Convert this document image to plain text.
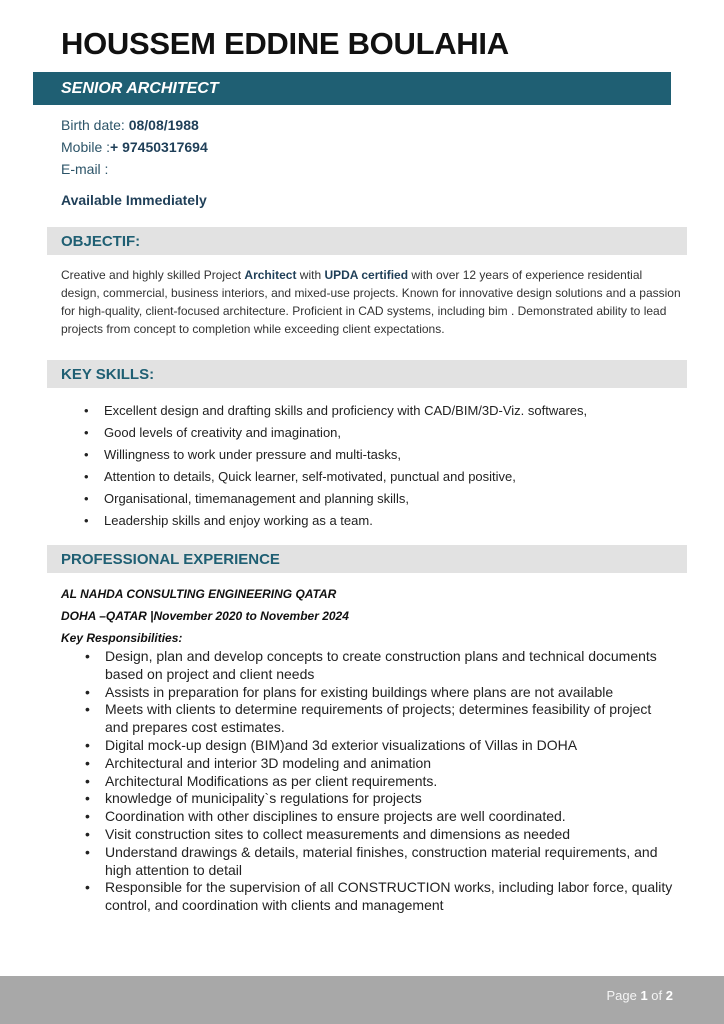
HOUSSEM EDDINE BOULAHIA
SENIOR ARCHITECT
Birth date: 08/08/1988
Mobile :+ 97450317694
E-mail :
Available Immediately
OBJECTIF:

Creative and highly skilled Project Architect with UPDA certified with over 12 years of experience residential design, commercial, business interiors, and mixed-use projects. Known for innovative design solutions and a passion for high-quality, client-focused architecture. Proficient in CAD systems, including bim . Demonstrated ability to lead projects from concept to completion while exceeding client expectations.

KEY SKILLS:
• Excellent design and drafting skills and proficiency with CAD/BIM/3D-Viz. softwares,
• Good levels of creativity and imagination,
• Willingness to work under pressure and multi-tasks,
• Attention to details, Quick learner, self-motivated, punctual and positive,
• Organisational, timemanagement and planning skills,
• Leadership skills and enjoy working as a team.
PROFESSIONAL EXPERIENCE
AL NAHDA CONSULTING ENGINEERING QATAR
DOHA –QATAR |November 2020 to November 2024
Key Responsibilities:
• Design, plan and develop concepts to create construction plans and technical documents based on project and client needs
• Assists in preparation for plans for existing buildings where plans are not available
• Meets with clients to determine requirements of projects; determines feasibility of project and prepares cost estimates.
• Digital mock-up design (BIM)and 3d exterior visualizations of Villas in DOHA
• Architectural and interior 3D modeling and animation
• Architectural Modifications as per client requirements.
• knowledge of municipality`s regulations for projects
• Coordination with other disciplines to ensure projects are well coordinated.
• Visit construction sites to collect measurements and dimensions as needed
• Understand drawings & details, material finishes, construction material requirements, and high attention to detail
• Responsible for the supervision of all CONSTRUCTION works, including labor force, quality control, and coordination with clients and management
Page 1 of 2
